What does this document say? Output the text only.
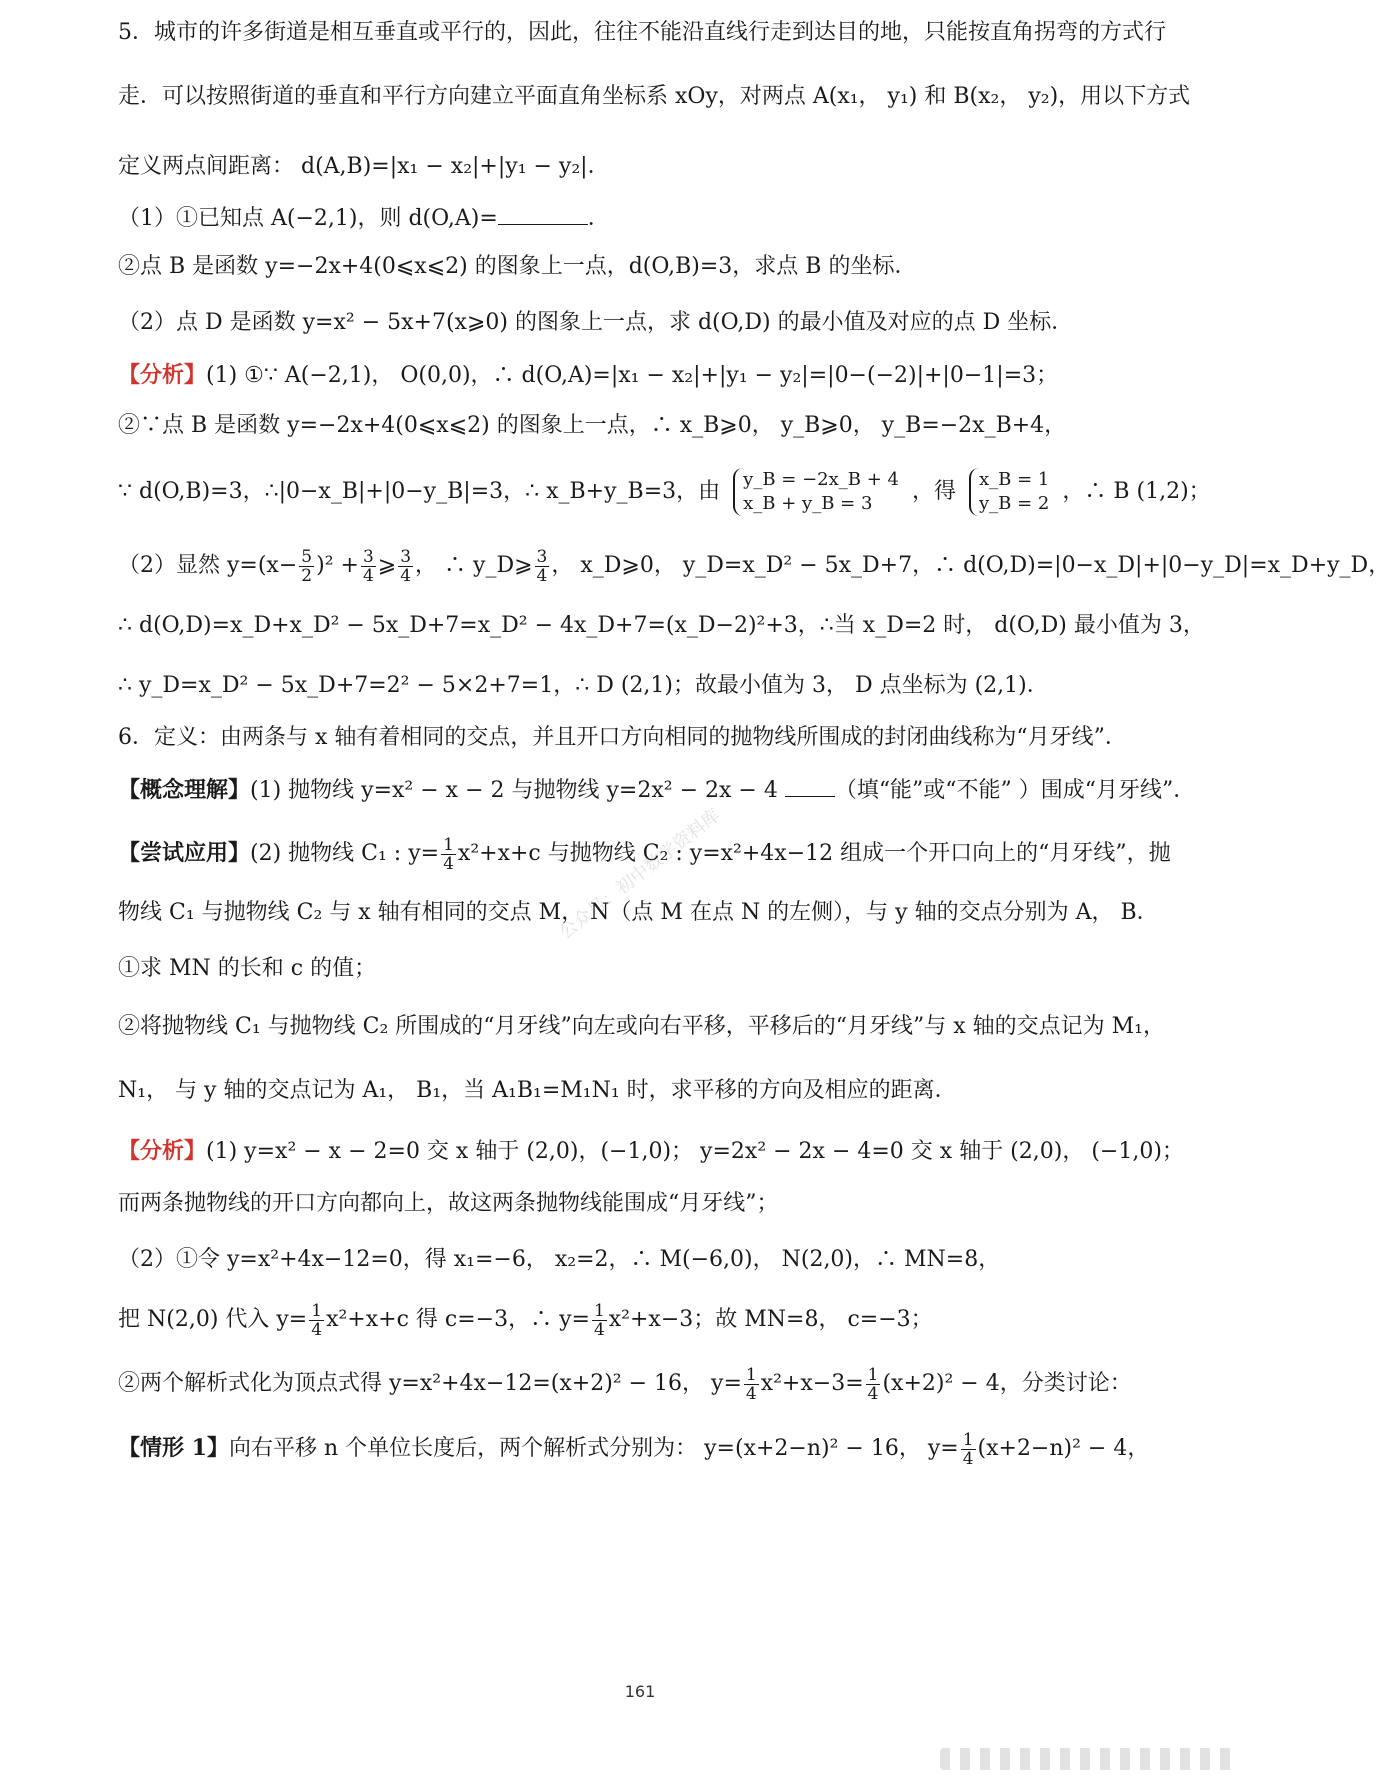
5．城市的许多街道是相互垂直或平行的，因此，往往不能沿直线行走到达目的地，只能按直角拐弯的方式行
走．可以按照街道的垂直和平行方向建立平面直角坐标系 xOy，对两点 A(x₁， y₁) 和 B(x₂， y₂)，用以下方式
定义两点间距离： d(A,B)=|x₁ − x₂|+|y₁ − y₂|．
（1）①已知点 A(−2,1)，则 d(O,A)=	．
②点 B 是函数 y=−2x+4(0⩽x⩽2) 的图象上一点，d(O,B)=3，求点 B 的坐标．
（2）点 D 是函数 y=x² − 5x+7(x⩾0) 的图象上一点，求 d(O,D) 的最小值及对应的点 D 坐标．
【分析】(1) ①∵ A(−2,1)， O(0,0)，∴ d(O,A)=|x₁ − x₂|+|y₁ − y₂|=|0−(−2)|+|0−1|=3；
②∵点 B 是函数 y=−2x+4(0⩽x⩽2) 的图象上一点，∴ x_B⩾0， y_B⩾0， y_B=−2x_B+4，
∵ d(O,B)=3，∴|0−x_B|+|0−y_B|=3，∴ x_B+y_B=3，由 y_B = −2x_B + 4
x_B + y_B = 3	，得 x_B = 1
y_B = 2 ，∴ B (1,2)；
（2）显然 $y=(x- \frac{5}{2} )^2 + \frac{3}{4}$ ⩾ $\frac{3}{4}$ ， ∴ y_D⩾ $\frac{3}{4}$ ， x_D⩾0， y_D=x_D² − 5x_D+7，∴ d(O,D)=|0−x_D|+|0−y_D|=x_D+y_D，
∴ d(O,D)=x_D+x_D² − 5x_D+7=x_D² − 4x_D+7=(x_D−2)²+3，∴当 x_D=2 时， d(O,D) 最小值为 3，
∴ y_D=x_D² − 5x_D+7=2² − 5×2+7=1，∴ D (2,1)；故最小值为 3， D 点坐标为 (2,1)．
6．定义：由两条与 x 轴有着相同的交点，并且开口方向相同的抛物线所围成的封闭曲线称为“月牙线”．
【概念理解】(1) 抛物线 y=x² − x − 2 与抛物线 y=2x² − 2x − 4	（填“能”或“不能” ）围成“月牙线”．
【尝试应用】(2) 抛物线 C₁ : $y= \frac{1}{4} x^2+x+c$ 与抛物线 C₂ : y=x²+4x−12 组成一个开口向上的“月牙线”，抛
物线 C₁ 与抛物线 C₂ 与 x 轴有相同的交点 M， N（点 M 在点 N 的左侧），与 y 轴的交点分别为 A， B．
①求 MN 的长和 c 的值；
②将抛物线 C₁ 与抛物线 C₂ 所围成的“月牙线”向左或向右平移，平移后的“月牙线”与 x 轴的交点记为 M₁，
N₁， 与 y 轴的交点记为 A₁， B₁，当 A₁B₁=M₁N₁ 时，求平移的方向及相应的距离．
【分析】(1) y=x² − x − 2=0 交 x 轴于 (2,0)，(−1,0)； y=2x² − 2x − 4=0 交 x 轴于 (2,0)， (−1,0)；
而两条抛物线的开口方向都向上，故这两条抛物线能围成“月牙线”；
（2）①令 y=x²+4x−12=0，得 x₁=−6， x₂=2，∴ M(−6,0)， N(2,0)，∴ MN=8，
把 N(2,0) 代入 $y= \frac{1}{4} x^2+x+c$ 得 c=−3，∴ $y= \frac{1}{4} x^2+x-3$；故 MN=8， c=−3；
②两个解析式化为顶点式得 y=x²+4x−12=(x+2)² − 16， $y= \frac{1}{4} x^2+x-3= \frac{1}{4} (x+2)^2 - 4$，分类讨论：
【情形 1】向右平移 n 个单位长度后，两个解析式分别为： y=(x+2−n)² − 16， $y= \frac{1}{4} (x+2-n)^2 - 4$，
公众号：初中数学资料库
161
